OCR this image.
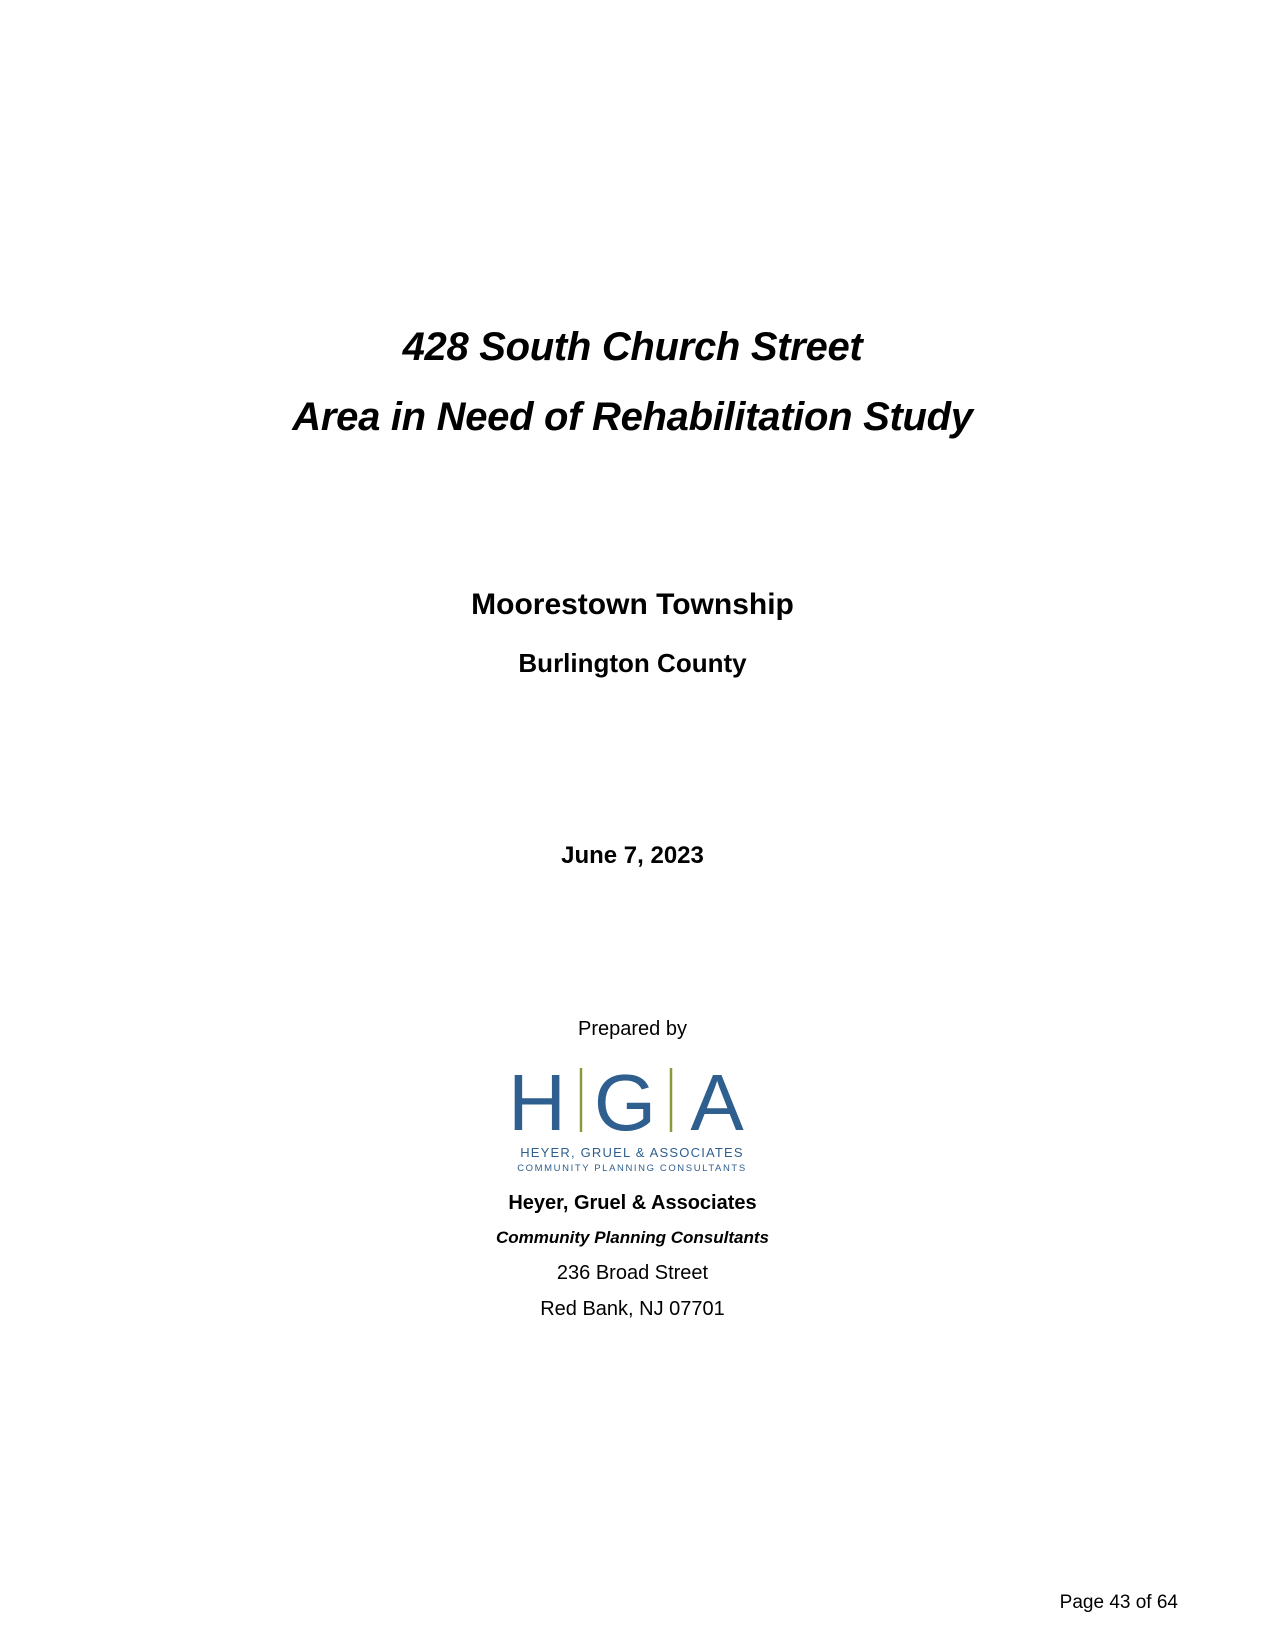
428 South Church Street
Area in Need of Rehabilitation Study
Moorestown Township
Burlington County
June 7, 2023
Prepared by
H G A
HEYER, GRUEL & ASSOCIATES
COMMUNITY PLANNING CONSULTANTS
Heyer, Gruel & Associates
Community Planning Consultants
236 Broad Street
Red Bank, NJ 07701
Page 43 of 64
